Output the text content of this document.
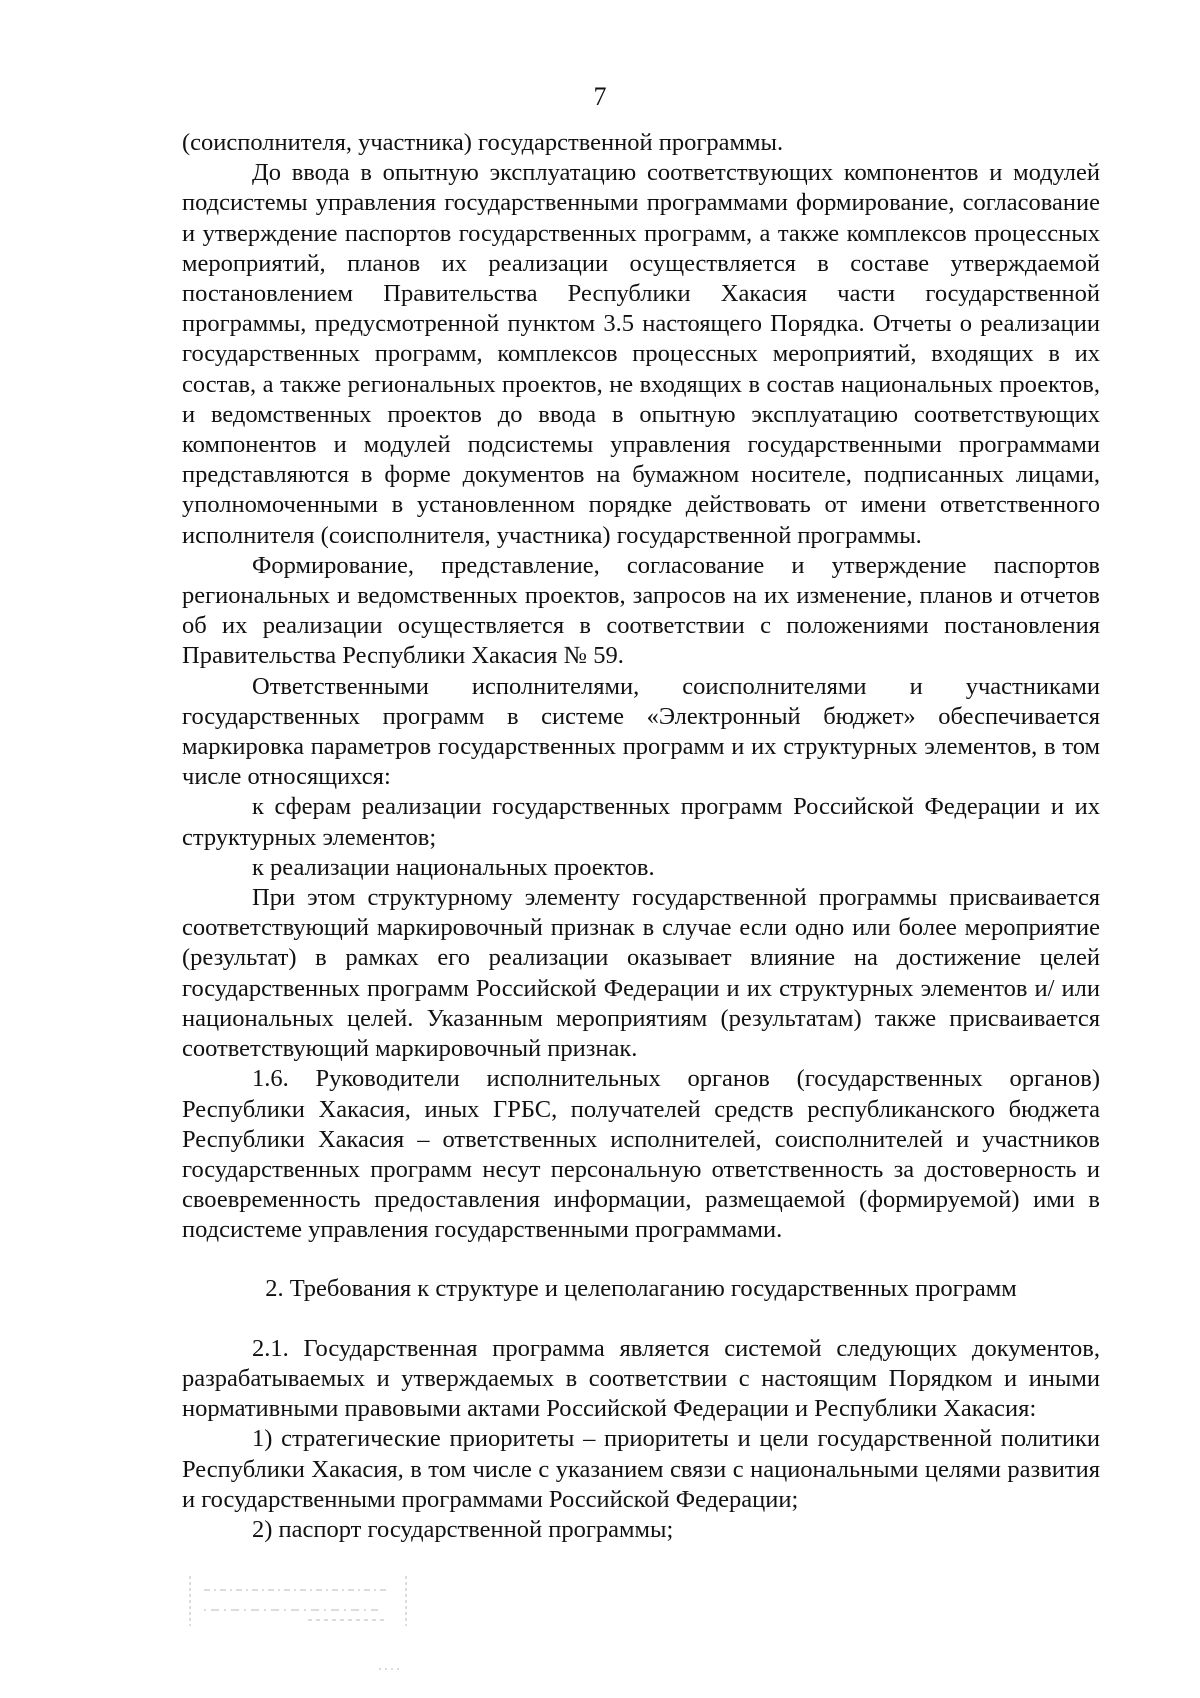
7

(соисполнителя, участника) государственной программы.

До ввода в опытную эксплуатацию соответствующих компонентов и модулей подсистемы управления государственными программами формирование, согласование и утверждение паспортов государственных программ, а также комплексов процессных мероприятий, планов их реализации осуществляется в составе утверждаемой постановлением Правительства Республики Хакасия части государственной программы, предусмотренной пунктом 3.5 настоящего Порядка. Отчеты о реализации государственных программ, комплексов процессных мероприятий, входящих в их состав, а также региональных проектов, не входящих в состав национальных проектов, и ведомственных проектов до ввода в опытную эксплуатацию соответствующих компонентов и модулей подсистемы управления государственными программами представляются в форме документов на бумажном носителе, подписанных лицами, уполномоченными в установленном порядке действовать от имени ответственного исполнителя (соисполнителя, участника) государственной программы.

Формирование, представление, согласование и утверждение паспортов региональных и ведомственных проектов, запросов на их изменение, планов и отчетов об их реализации осуществляется в соответствии с положениями постановления Правительства Республики Хакасия № 59.

Ответственными исполнителями, соисполнителями и участниками государственных программ в системе «Электронный бюджет» обеспечивается маркировка параметров государственных программ и их структурных элементов, в том числе относящихся:

к сферам реализации государственных программ Российской Федерации и их структурных элементов;

к реализации национальных проектов.

При этом структурному элементу государственной программы присваивается соответствующий маркировочный признак в случае если одно или более мероприятие (результат) в рамках его реализации оказывает влияние на достижение целей государственных программ Российской Федерации и их структурных элементов и/ или национальных целей. Указанным мероприятиям (результатам) также присваивается соответствующий маркировочный признак.

1.6. Руководители исполнительных органов (государственных органов) Республики Хакасия, иных ГРБС, получателей средств республиканского бюджета Республики Хакасия – ответственных исполнителей, соисполнителей и участников государственных программ несут персональную ответственность за достоверность и своевременность предоставления информации, размещаемой (формируемой) ими в подсистеме управления государственными программами.

2. Требования к структуре и целеполаганию государственных программ

2.1. Государственная программа является системой следующих документов, разрабатываемых и утверждаемых в соответствии с настоящим Порядком и иными нормативными правовыми актами Российской Федерации и Республики Хакасия:

1) стратегические приоритеты – приоритеты и цели государственной политики Республики Хакасия, в том числе с указанием связи с национальными целями развития и государственными программами Российской Федерации;

2) паспорт государственной программы;
